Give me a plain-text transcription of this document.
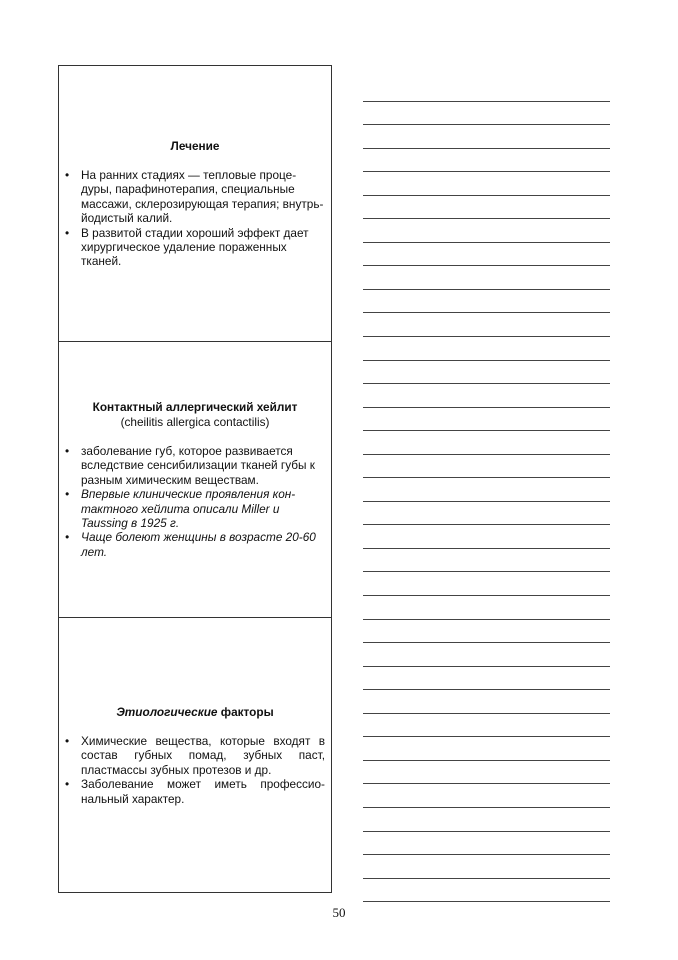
Лечение
• На ранних стадиях — тепловые проце-дуры, парафинотерапия, специальные массажи, склерозирующая терапия; внутрь-йодистый калий.
• В развитой стадии хороший эффект дает хирургическое удаление пораженных тканей.
Контактный аллергический хейлит
(cheilitis allergica contactilis)
• заболевание губ, которое развивается вследствие сенсибилизации тканей губы к разным химическим веществам.
• Впервые клинические проявления кон-тактного хейлита описали Miller и Taussing в 1925 г.
• Чаще болеют женщины в возрасте 20-60 лет.
Этиологические факторы
• Химические вещества, которые входят в состав губных помад, зубных паст, пластмассы зубных протезов и др.
• Заболевание может иметь профессио-нальный характер.
50
